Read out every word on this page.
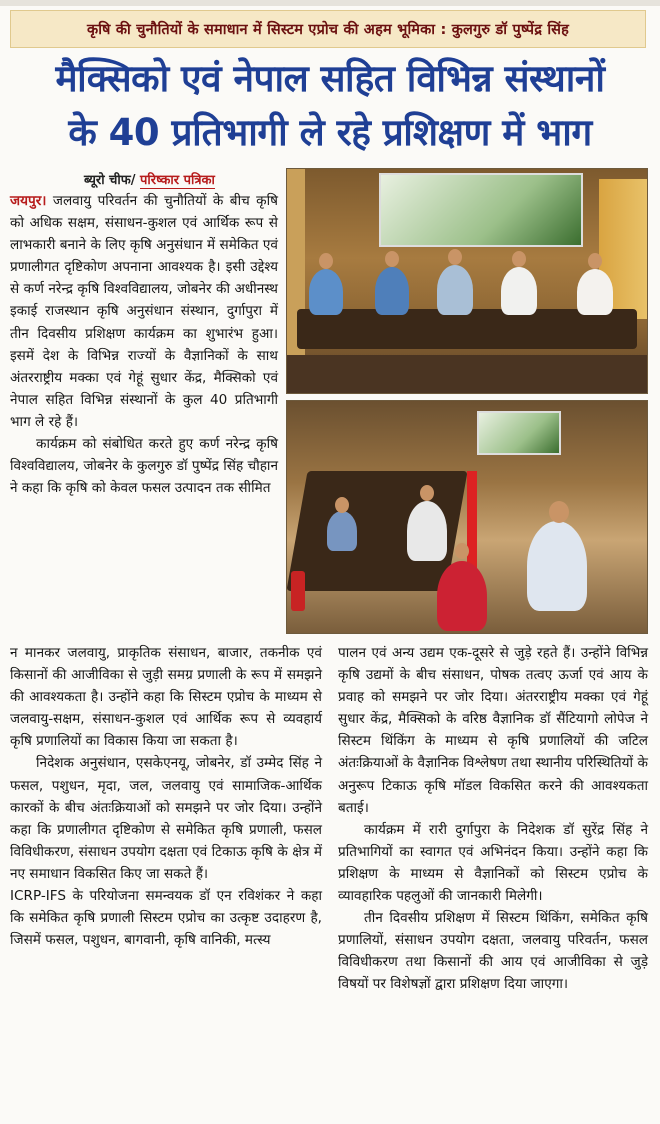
कृषि की चुनौतियों के समाधान में सिस्टम एप्रोच की अहम भूमिका : कुलगुरु डॉ पुष्पेंद्र सिंह
मैक्सिको एवं नेपाल सहित विभिन्न संस्थानों
के 40 प्रतिभागी ले रहे प्रशिक्षण में भाग
ब्यूरो चीफ/ परिष्कार पत्रिका

जयपुर। जलवायु परिवर्तन की चुनौतियों के बीच कृषि को अधिक सक्षम, संसाधन-कुशल एवं आर्थिक रूप से लाभकारी बनाने के लिए कृषि अनुसंधान में समेकित एवं प्रणालीगत दृष्टिकोण अपनाना आवश्यक है। इसी उद्देश्य से कर्ण नरेन्द्र कृषि विश्वविद्यालय, जोबनेर की अधीनस्थ इकाई राजस्थान कृषि अनुसंधान संस्थान, दुर्गापुरा में तीन दिवसीय प्रशिक्षण कार्यक्रम का शुभारंभ हुआ। इसमें देश के विभिन्न राज्यों के वैज्ञानिकों के साथ अंतरराष्ट्रीय मक्का एवं गेहूं सुधार केंद्र, मैक्सिको एवं नेपाल सहित विभिन्न संस्थानों के कुल 40 प्रतिभागी भाग ले रहे हैं।

कार्यक्रम को संबोधित करते हुए कर्ण नरेन्द्र कृषि विश्वविद्यालय, जोबनेर के कुलगुरु डॉ पुष्पेंद्र सिंह चौहान ने कहा कि कृषि को केवल फसल उत्पादन तक सीमित

न मानकर जलवायु, प्राकृतिक संसाधन, बाजार, तकनीक एवं किसानों की आजीविका से जुड़ी समग्र प्रणाली के रूप में समझने की आवश्यकता है। उन्होंने कहा कि सिस्टम एप्रोच के माध्यम से जलवायु-सक्षम, संसाधन-कुशल एवं आर्थिक रूप से व्यवहार्य कृषि प्रणालियों का विकास किया जा सकता है।

निदेशक अनुसंधान, एसकेएनयू, जोबनेर, डॉ उम्मेद सिंह ने फसल, पशुधन, मृदा, जल, जलवायु एवं सामाजिक-आर्थिक कारकों के बीच अंतःक्रियाओं को समझने पर जोर दिया। उन्होंने कहा कि प्रणालीगत दृष्टिकोण से समेकित कृषि प्रणाली, फसल विविधीकरण, संसाधन उपयोग दक्षता एवं टिकाऊ कृषि के क्षेत्र में नए समाधान विकसित किए जा सकते हैं।

ICRP-IFS के परियोजना समन्वयक डॉ एन रविशंकर ने कहा कि समेकित कृषि प्रणाली सिस्टम एप्रोच का उत्कृष्ट उदाहरण है, जिसमें फसल, पशुधन, बागवानी, कृषि वानिकी, मत्स्य

पालन एवं अन्य उद्यम एक-दूसरे से जुड़े रहते हैं। उन्होंने विभिन्न कृषि उद्यमों के बीच संसाधन, पोषक तत्वए ऊर्जा एवं आय के प्रवाह को समझने पर जोर दिया। अंतरराष्ट्रीय मक्का एवं गेहूं सुधार केंद्र, मैक्सिको के वरिष्ठ वैज्ञानिक डॉ सैंटियागो लोपेज ने सिस्टम थिंकिंग के माध्यम से कृषि प्रणालियों की जटिल अंतःक्रियाओं के वैज्ञानिक विश्लेषण तथा स्थानीय परिस्थितियों के अनुरूप टिकाऊ कृषि मॉडल विकसित करने की आवश्यकता बताई।

कार्यक्रम में रारी दुर्गापुरा के निदेशक डॉ सुरेंद्र सिंह ने प्रतिभागियों का स्वागत एवं अभिनंदन किया। उन्होंने कहा कि प्रशिक्षण के माध्यम से वैज्ञानिकों को सिस्टम एप्रोच के व्यावहारिक पहलुओं की जानकारी मिलेगी।

तीन दिवसीय प्रशिक्षण में सिस्टम थिंकिंग, समेकित कृषि प्रणालियों, संसाधन उपयोग दक्षता, जलवायु परिवर्तन, फसल विविधीकरण तथा किसानों की आय एवं आजीविका से जुड़े विषयों पर विशेषज्ञों द्वारा प्रशिक्षण दिया जाएगा।
